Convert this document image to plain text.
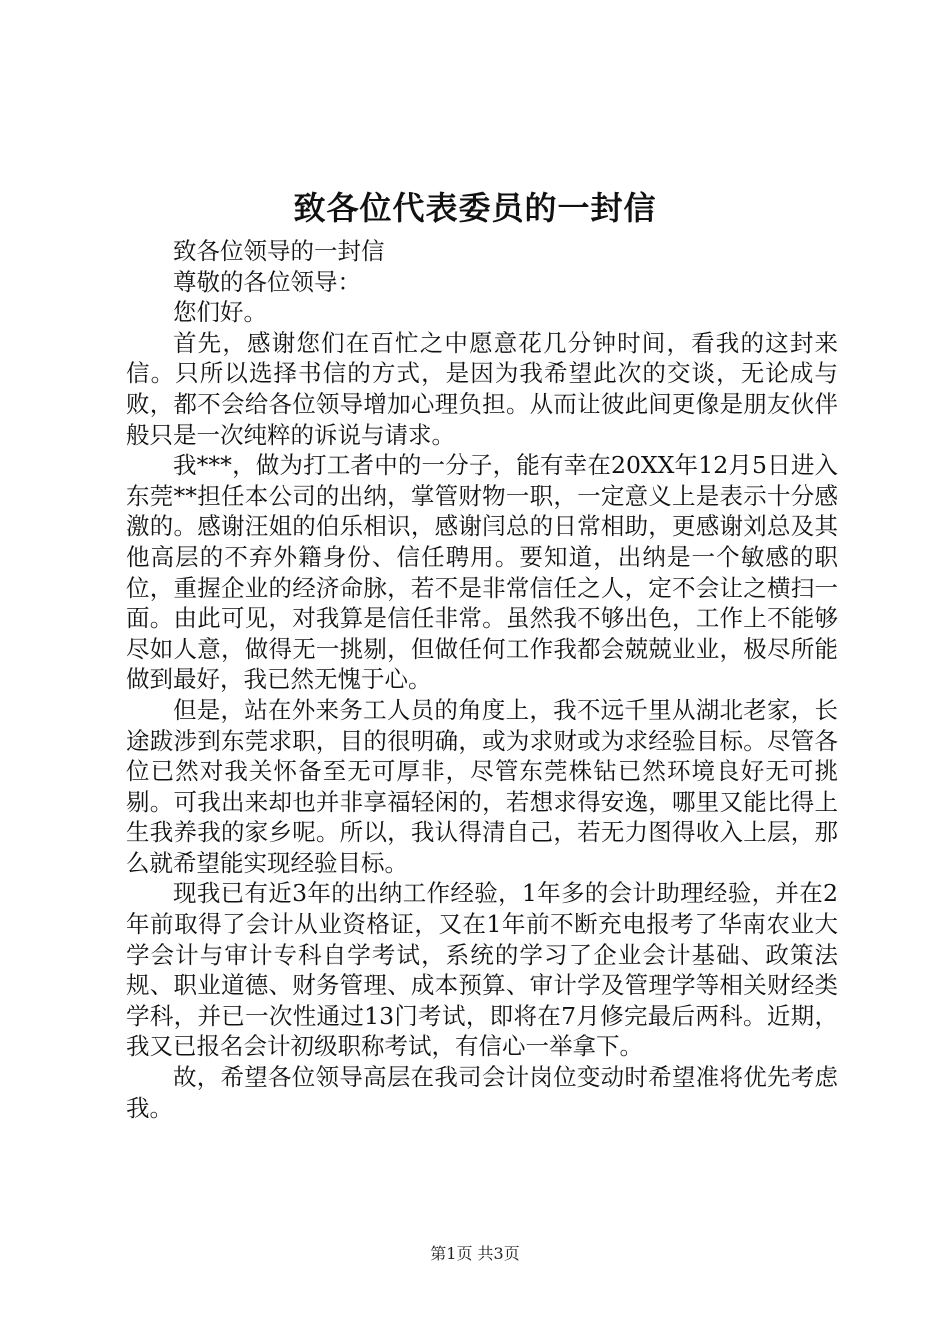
致各位代表委员的一封信

致各位领导的一封信

尊敬的各位领导：

您们好。

首先，感谢您们在百忙之中愿意花几分钟时间，看我的这封来信。只所以选择书信的方式，是因为我希望此次的交谈，无论成与败，都不会给各位领导增加心理负担。从而让彼此间更像是朋友伙伴般只是一次纯粹的诉说与请求。

我***，做为打工者中的一分子，能有幸在20XX年12月5日进入东莞**担任本公司的出纳，掌管财物一职，一定意义上是表示十分感激的。感谢汪姐的伯乐相识，感谢闫总的日常相助，更感谢刘总及其他高层的不弃外籍身份、信任聘用。要知道，出纳是一个敏感的职位，重握企业的经济命脉，若不是非常信任之人，定不会让之横扫一面。由此可见，对我算是信任非常。虽然我不够出色，工作上不能够尽如人意，做得无一挑剔，但做任何工作我都会兢兢业业，极尽所能做到最好，我已然无愧于心。

但是，站在外来务工人员的角度上，我不远千里从湖北老家，长途跋涉到东莞求职，目的很明确，或为求财或为求经验目标。尽管各位已然对我关怀备至无可厚非，尽管东莞株钻已然环境良好无可挑剔。可我出来却也并非享福轻闲的，若想求得安逸，哪里又能比得上生我养我的家乡呢。所以，我认得清自己，若无力图得收入上层，那么就希望能实现经验目标。

现我已有近3年的出纳工作经验，1年多的会计助理经验，并在2年前取得了会计从业资格证，又在1年前不断充电报考了华南农业大学会计与审计专科自学考试，系统的学习了企业会计基础、政策法规、职业道德、财务管理、成本预算、审计学及管理学等相关财经类学科，并已一次性通过13门考试，即将在7月修完最后两科。近期，我又已报名会计初级职称考试，有信心一举拿下。

故，希望各位领导高层在我司会计岗位变动时希望准将优先考虑我。

第1页 共3页
